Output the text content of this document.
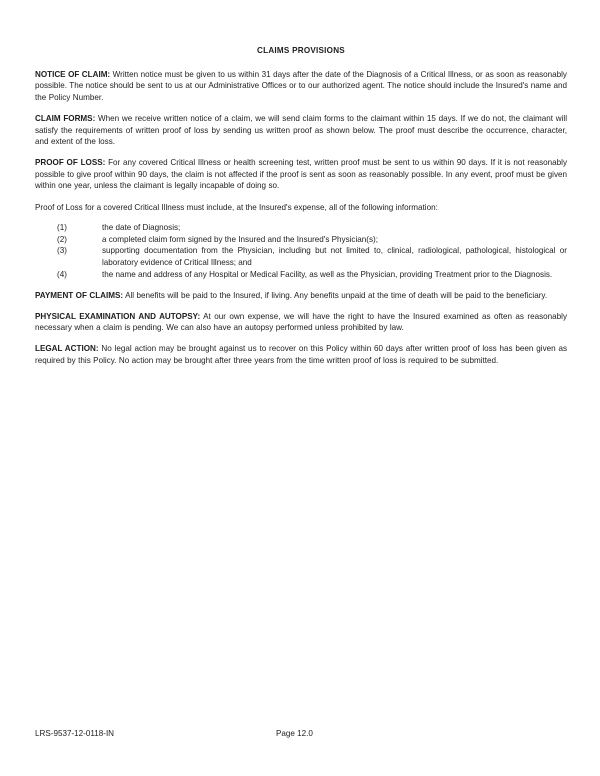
CLAIMS PROVISIONS

NOTICE OF CLAIM: Written notice must be given to us within 31 days after the date of the Diagnosis of a Critical Illness, or as soon as reasonably possible. The notice should be sent to us at our Administrative Offices or to our authorized agent. The notice should include the Insured's name and the Policy Number.

CLAIM FORMS: When we receive written notice of a claim, we will send claim forms to the claimant within 15 days. If we do not, the claimant will satisfy the requirements of written proof of loss by sending us written proof as shown below. The proof must describe the occurrence, character, and extent of the loss.

PROOF OF LOSS: For any covered Critical Illness or health screening test, written proof must be sent to us within 90 days. If it is not reasonably possible to give proof within 90 days, the claim is not affected if the proof is sent as soon as reasonably possible. In any event, proof must be given within one year, unless the claimant is legally incapable of doing so.

Proof of Loss for a covered Critical Illness must include, at the Insured's expense, all of the following information:

(1)	the date of Diagnosis;
(2)	a completed claim form signed by the Insured and the Insured's Physician(s);
(3)	supporting documentation from the Physician, including but not limited to, clinical, radiological, pathological, histological or laboratory evidence of Critical Illness; and
(4)	the name and address of any Hospital or Medical Facility, as well as the Physician, providing Treatment prior to the Diagnosis.

PAYMENT OF CLAIMS: All benefits will be paid to the Insured, if living. Any benefits unpaid at the time of death will be paid to the beneficiary.

PHYSICAL EXAMINATION AND AUTOPSY: At our own expense, we will have the right to have the Insured examined as often as reasonably necessary when a claim is pending. We can also have an autopsy performed unless prohibited by law.

LEGAL ACTION: No legal action may be brought against us to recover on this Policy within 60 days after written proof of loss has been given as required by this Policy. No action may be brought after three years from the time written proof of loss is required to be submitted.

LRS-9537-12-0118-IN	Page 12.0
